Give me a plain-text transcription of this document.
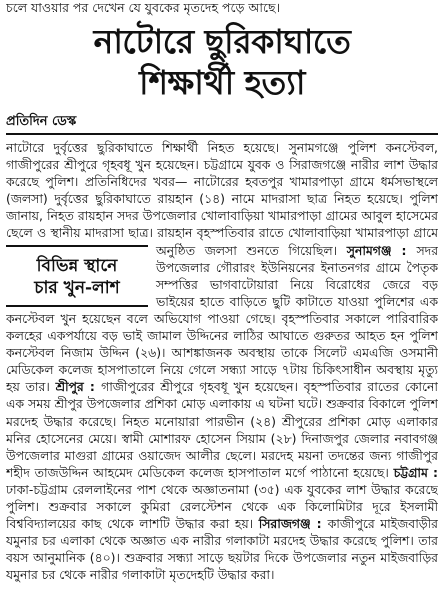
চলে যাওয়ার পর দেখেন যে যুবকের মৃতদেহ পড়ে আছে।
নাটোরে ছুরিকাঘাতে
শিক্ষার্থী হত্যা
প্রতিদিন ডেস্ক
নাটোরে দুর্বৃত্তের ছুরিকাঘাতে শিক্ষার্থী নিহত হয়েছে। সুনামগঞ্জে পুলিশ কনস্টেবল, গাজীপুরের শ্রীপুরে গৃহবধূ খুন হয়েছেন। চট্টগ্রামে যুবক ও সিরাজগঞ্জে নারীর লাশ উদ্ধার করেছে পুলিশ। প্রতিনিধিদের খবর— নাটোরের হবতপুর খামারপাড়া গ্রামে ধর্মসভাস্থলে (জলসা) দুর্বৃত্তের ছুরিকাঘাতে রায়হান (১৪) নামে মাদরাসা ছাত্র নিহত হয়েছে। পুলিশ জানায়, নিহত রায়হান সদর উপজেলার খোলাবাড়িয়া খামারপাড়া গ্রামের আবুল হাসেমের ছেলে ও স্থানীয় মাদরাসা ছাত্র। রায়হান বৃহস্পতিবার রাতে খোলাবাড়িয়া খামারপাড়া গ্রামে অনুষ্ঠিত জলসা শুনতে গিয়েছিল। সুনামগঞ্জ :
বিভিন্ন স্থানে
চার খুন-লাশ
সদর উপজেলার গৌরারং ইউনিয়নের ইনাতনগর গ্রামে পৈতৃক সম্পত্তির ভাগবাটোয়ারা নিয়ে বিরোধের জেরে বড় ভাইয়ের হাতে বাড়িতে ছুটি কাটাতে যাওয়া পুলিশের এক কনস্টেবল খুন হয়েছেন বলে অভিযোগ পাওয়া গেছে। বৃহস্পতিবার সকালে পারিবারিক কলহের একপর্যায়ে বড় ভাই জামাল উদ্দিনের লাঠির আঘাতে গুরুতর আহত হন পুলিশ কনস্টেবল নিজাম উদ্দিন (২৬)। আশঙ্কাজনক অবস্থায় তাকে সিলেট এমএজি ওসমানী মেডিকেল কলেজ হাসপাতালে নিয়ে গেলে সন্ধ্যা সাড়ে ৭টায় চিকিৎসাধীন অবস্থায় মৃত্যু হয় তার। শ্রীপুর : গাজীপুরের শ্রীপুরে গৃহবধূ খুন হয়েছেন। বৃহস্পতিবার রাতের কোনো এক সময় শ্রীপুর উপজেলার প্রশিকা মোড় এলাকায় এ ঘটনা ঘটে। শুক্রবার বিকালে পুলিশ মরদেহ উদ্ধার করেছে। নিহত মনোয়ারা পারভীন (২৪) শ্রীপুরের প্রশিকা মোড় এলাকার মনির হোসেনের মেয়ে। স্বামী মোশারফ হোসেন সিয়াম (২৮) দিনাজপুর জেলার নবাবগঞ্জ উপজেলার মাগুরা গ্রামের ওয়াজেদ আলীর ছেলে। মরদেহ ময়না তদন্তের জন্য গাজীপুর শহীদ তাজউদ্দিন আহমেদ মেডিকেল কলেজ হাসপাতাল মর্গে পাঠানো হয়েছে। চট্টগ্রাম : ঢাকা-চট্টগ্রাম রেললাইনের পাশ থেকে অজ্ঞাতনামা (৩৫) এক যুবকের লাশ উদ্ধার করেছে পুলিশ। শুক্রবার সকালে কুমিরা রেলস্টেশন থেকে এক কিলোমিটার দূরে ইসলামী বিশ্ববিদ্যালয়ের কাছ থেকে লাশটি উদ্ধার করা হয়। সিরাজগঞ্জ : কাজীপুরে মাইজবাড়ীর যমুনার চর এলাকা থেকে অজ্ঞাত এক নারীর গলাকাটা মরদেহ উদ্ধার করেছে পুলিশ। তার বয়স আনুমানিক (৪০)। শুক্রবার সন্ধ্যা সাড়ে ছয়টার দিকে উপজেলার নতুন মাইজবাড়ির যমুনার চর থেকে নারীর গলাকাটা মৃতদেহটি উদ্ধার করা।
